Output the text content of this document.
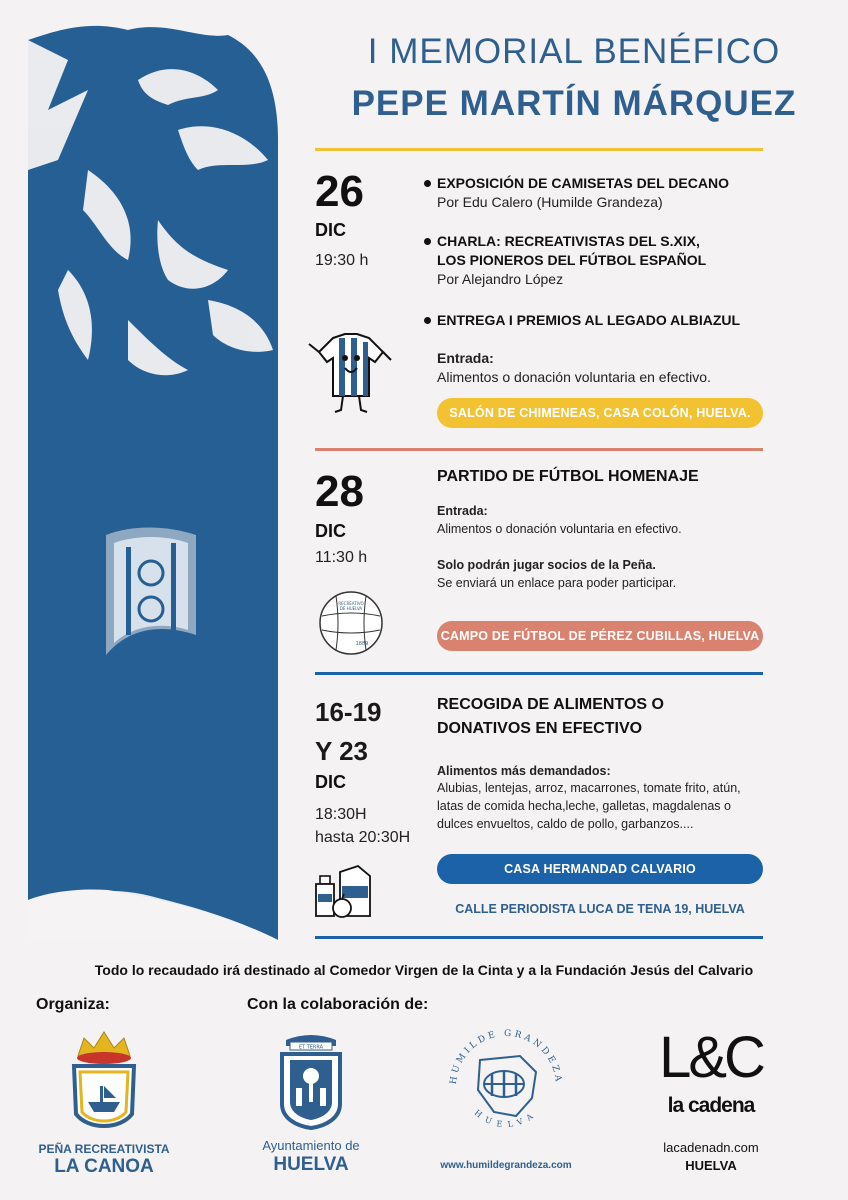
I MEMORIAL BENÉFICO
PEPE MARTÍN MÁRQUEZ
26
DIC
19:30 h
EXPOSICIÓN DE CAMISETAS DEL DECANO
Por Edu Calero (Humilde Grandeza)
CHARLA: RECREATIVISTAS DEL S.XIX,
LOS PIONEROS DEL FÚTBOL ESPAÑOL
Por Alejandro López
ENTREGA I PREMIOS AL LEGADO ALBIAZUL
Entrada:
Alimentos o donación voluntaria en efectivo.
SALÓN DE CHIMENEAS, CASA COLÓN, HUELVA.
28
DIC
11:30 h
PARTIDO DE FÚTBOL HOMENAJE
Entrada:
Alimentos o donación voluntaria en efectivo.
Solo podrán jugar socios de la Peña.
Se enviará un enlace para poder participar.
RECREATIVO
DE HUELVA
1889
CAMPO DE FÚTBOL DE PÉREZ CUBILLAS, HUELVA
16-19
Y 23
DIC
18:30H
hasta 20:30H
RECOGIDA DE ALIMENTOS O
DONATIVOS EN EFECTIVO
Alimentos más demandados:
Alubias, lentejas, arroz, macarrones, tomate frito, atún,
latas de comida hecha,leche, galletas, magdalenas o
dulces envueltos, caldo de pollo, garbanzos....
CASA HERMANDAD CALVARIO
CALLE PERIODISTA LUCA DE TENA 19, HUELVA
Todo lo recaudado irá destinado al Comedor Virgen de la Cinta y a la Fundación Jesús del Calvario
Organiza:	Con la colaboración de:
PEÑA RECREATIVISTA
LA CANOA
ET TERRA
Ayuntamiento de
HUELVA
HUMILDE GRANDEZA
HUELVA
www.humildegrandeza.com
L&C
la cadena
lacadenadn.com
HUELVA
